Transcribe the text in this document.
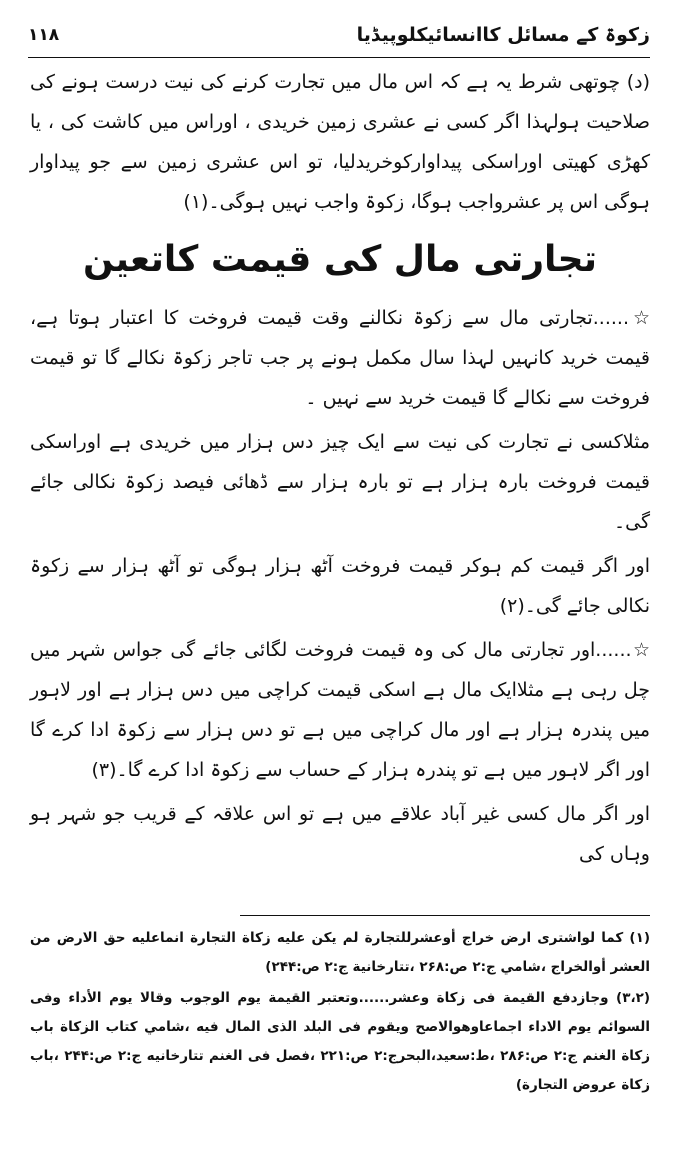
زکوۃ کے مسائل کاانسائیکلوپیڈیا
۱۱۸

(د) چوتھی شرط یہ ہے کہ اس مال میں تجارت کرنے کی نیت درست ہونے کی صلاحیت ہولہذا اگر کسی نے عشری زمین خریدی ، اوراس میں کاشت کی ، یا کھڑی کھیتی اوراسکی پیداوارکوخریدلیا، تو اس عشری زمین سے جو پیداوار ہوگی اس پر عشرواجب ہوگا، زکوۃ واجب نہیں ہوگی۔(۱)

تجارتی مال کی قیمت کاتعین

☆......تجارتی مال سے زکوۃ نکالنے وقت قیمت فروخت کا اعتبار ہوتا ہے، قیمت خرید کانہیں لہذا سال مکمل ہونے پر جب تاجر زکوۃ نکالے گا تو قیمت فروخت سے نکالے گا قیمت خرید سے نہیں ۔

مثلاکسی نے تجارت کی نیت سے ایک چیز دس ہزار میں خریدی ہے اوراسکی قیمت فروخت بارہ ہزار ہے تو بارہ ہزار سے ڈھائی فیصد زکوۃ نکالی جائے گی۔

اور اگر قیمت کم ہوکر قیمت فروخت آٹھ ہزار ہوگی تو آٹھ ہزار سے زکوۃ نکالی جائے گی۔(۲)

☆......اور تجارتی مال کی وہ قیمت فروخت لگائی جائے گی جواس شہر میں چل رہی ہے مثلاایک مال ہے اسکی قیمت کراچی میں دس ہزار ہے اور لاہور میں پندرہ ہزار ہے اور مال کراچی میں ہے تو دس ہزار سے زکوۃ ادا کرے گا اور اگر لاہور میں ہے تو پندرہ ہزار کے حساب سے زکوۃ ادا کرے گا۔(۳)

اور اگر مال کسی غیر آباد علاقے میں ہے تو اس علاقہ کے قریب جو شہر ہو وہاں کی

(۱) كما لواشترى ارض خراج أوعشرللتجارة لم يكن عليه زكاة التجارة انماعليه حق الارض من العشر أوالخراج ،شامي ج:۲ ص:۲۶۸ ،تتارخانية ج:۲ ص:۲۴۴)

(۳،۲) وجازدفع القيمة فى زكاة وعشر......وتعتبر القيمة يوم الوجوب وقالا يوم الأداء وفى السوائم يوم الاداء اجماعاوهوالاصح ويقوم فى البلد الذى المال فيه ،شامي كتاب الزكاة باب زكاة الغنم ج:۲ ص:۲۸۶ ،ط:سعيد،البحرج:۲ ص:۲۲۱ ،فصل فى الغنم تتارخانيه ج:۲ ص:۲۴۴ ،باب زكاة عروض التجارة)
